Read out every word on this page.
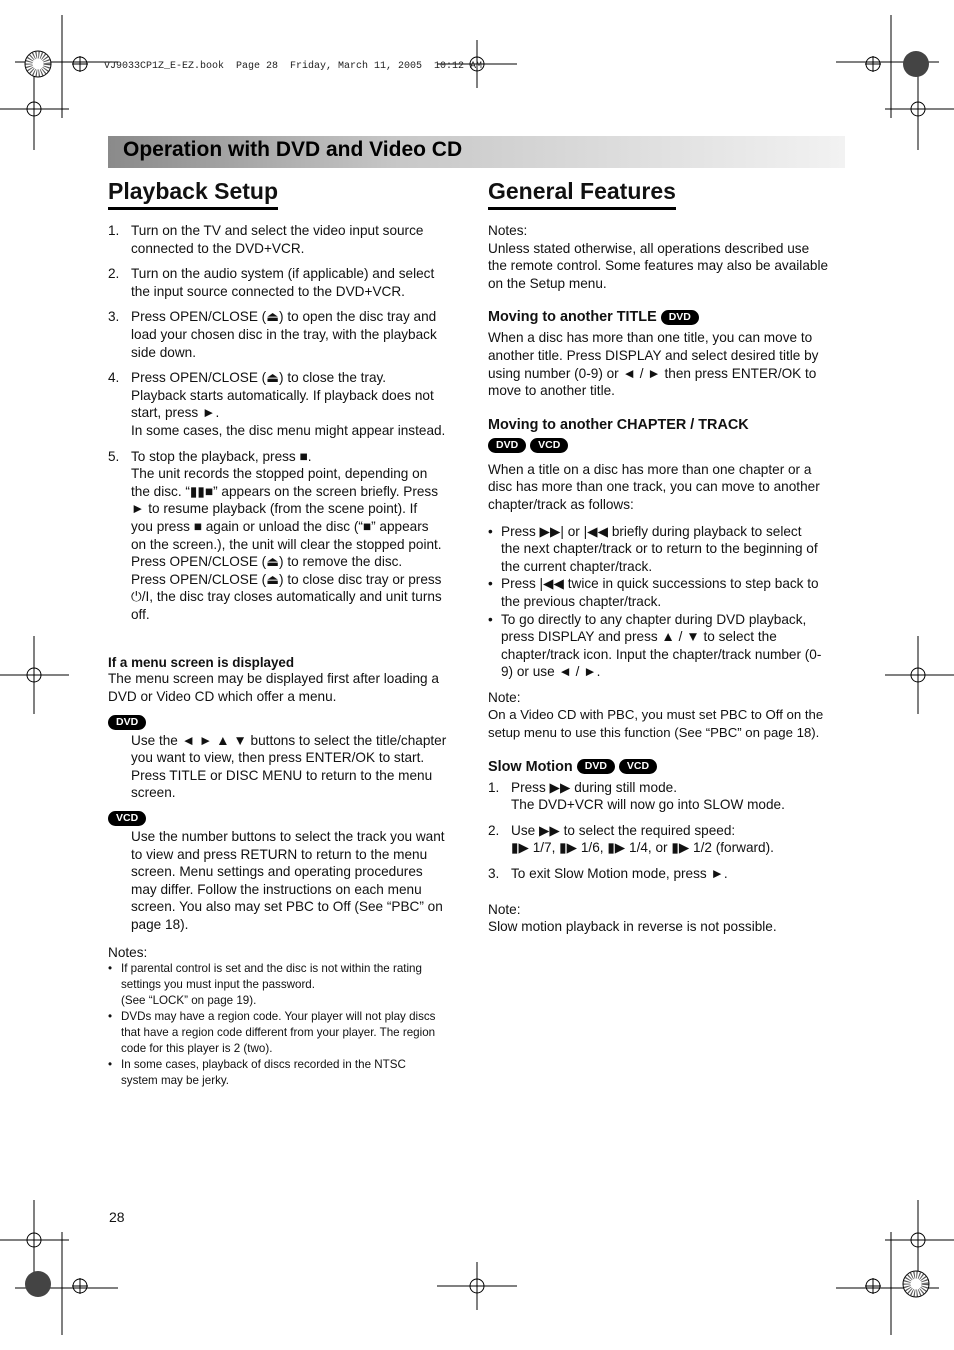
VJ9033CP1Z_E-EZ.book  Page 28  Friday, March 11, 2005  10:12 AM
Operation with DVD and Video CD
Playback Setup
1. Turn on the TV and select the video input source
connected to the DVD+VCR.
2. Turn on the audio system (if applicable) and select
the input source connected to the DVD+VCR.
3. Press OPEN/CLOSE (⏏) to open the disc tray and
load your chosen disc in the tray, with the playback
side down.
4. Press OPEN/CLOSE (⏏) to close the tray.
Playback starts automatically. If playback does not
start, press ►.
In some cases, the disc menu might appear instead.
5. To stop the playback, press ■.
The unit records the stopped point, depending on
the disc. “▮▮■” appears on the screen briefly. Press
► to resume playback (from the scene point). If
you press ■ again or unload the disc (“■” appears
on the screen.), the unit will clear the stopped point.
Press OPEN/CLOSE (⏏) to remove the disc.
Press OPEN/CLOSE (⏏) to close disc tray or press
⏻/I, the disc tray closes automatically and unit turns
off.
If a menu screen is displayed

The menu screen may be displayed first after loading a
DVD or Video CD which offer a menu.

DVD

Use the ◄ ► ▲ ▼ buttons to select the title/chapter
you want to view, then press ENTER/OK to start.
Press TITLE or DISC MENU to return to the menu
screen.

VCD

Use the number buttons to select the track you want
to view and press RETURN to return to the menu
screen. Menu settings and operating procedures
may differ. Follow the instructions on each menu
screen. You also may set PBC to Off (See “PBC” on
page 18).

Notes:

• If parental control is set and the disc is not within the rating
settings you must input the password.
(See “LOCK” on page 19).
• DVDs may have a region code. Your player will not play discs
that have a region code different from your player. The region
code for this player is 2 (two).
• In some cases, playback of discs recorded in the NTSC
system may be jerky.
General Features

Notes:

Unless stated otherwise, all operations described use
the remote control. Some features may also be available
on the Setup menu.

Moving to another TITLE DVD

When a disc has more than one title, you can move to
another title. Press DISPLAY and select desired title by
using number (0-9) or ◄ / ► then press ENTER/OK to
move to another title.

Moving to another CHAPTER / TRACK
DVD VCD

When a title on a disc has more than one chapter or a
disc has more than one track, you can move to another
chapter/track as follows:

• Press ▶▶| or |◀◀ briefly during playback to select
the next chapter/track or to return to the beginning of
the current chapter/track.
• Press |◀◀ twice in quick successions to step back to
the previous chapter/track.
• To go directly to any chapter during DVD playback,
press DISPLAY and press ▲ / ▼ to select the
chapter/track icon. Input the chapter/track number (0-
9) or use ◄ / ►.

Note:

On a Video CD with PBC, you must set PBC to Off on the
setup menu to use this function (See “PBC” on page 18).

Slow Motion DVD VCD
1. Press ▶▶ during still mode.
The DVD+VCR will now go into SLOW mode.
2. Use ▶▶ to select the required speed:
▮▶ 1/7, ▮▶ 1/6, ▮▶ 1/4, or ▮▶ 1/2 (forward).
3. To exit Slow Motion mode, press ►.

Note:

Slow motion playback in reverse is not possible.

28
